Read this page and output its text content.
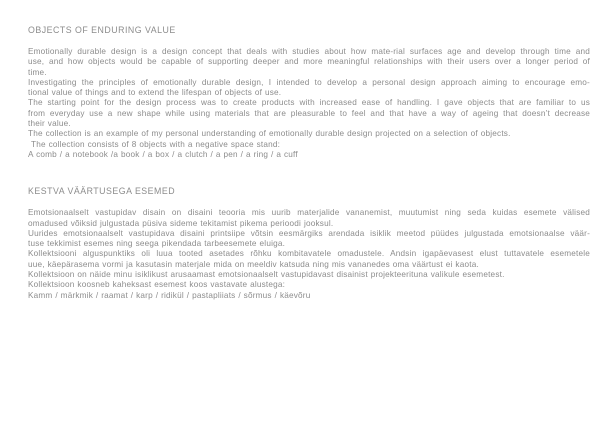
OBJECTS OF ENDURING VALUE
Emotionally durable design is a design concept that deals with studies about how mate-rial surfaces age and develop through time and
use, and how objects would be capable of supporting deeper and more meaningful relationships with their users over a longer period of
time.
Investigating the principles of emotionally durable design, I intended to develop a personal design approach aiming to encourage emo-
tional value of things and to extend the lifespan of objects of use.
The starting point for the design process was to create products with increased ease of handling. I gave objects that are familiar to us
from everyday use a new shape while using materials that are pleasurable to feel and that have a way of ageing that doesn’t decrease
their value.
The collection is an example of my personal understanding of emotionally durable design projected on a selection of objects.
The collection consists of 8 objects with a negative space stand:
A comb / a notebook /a book / a box / a clutch / a pen / a ring / a cuff
KESTVA VÄÄRTUSEGA ESEMED
Emotsionaalselt vastupidav disain on disaini teooria mis uurib materjalide vananemist, muutumist ning seda kuidas esemete välised
omadused võiksid julgustada püsiva sideme tekitamist pikema perioodi jooksul.
Uurides emotsionaalselt vastupidava disaini printsiipe võtsin eesmärgiks arendada isiklik meetod püüdes julgustada emotsionaalse väär-
tuse tekkimist esemes ning seega pikendada tarbeesemete eluiga.
Kollektsiooni alguspunktiks oli luua tooted asetades rõhku kombitavatele omadustele. Andsin igapäevasest elust tuttavatele esemetele
uue, käepärasema vormi ja kasutasin materjale mida on meeldiv katsuda ning mis vananedes oma väärtust ei kaota.
Kollektsioon on näide minu isiklikust arusaamast emotsionaalselt vastupidavast disainist projekteerituna valikule esemetest.
Kollektsioon koosneb kaheksast esemest koos vastavate alustega:
Kamm / märkmik / raamat / karp / ridikül / pastapliiats / sõrmus / käevõru
